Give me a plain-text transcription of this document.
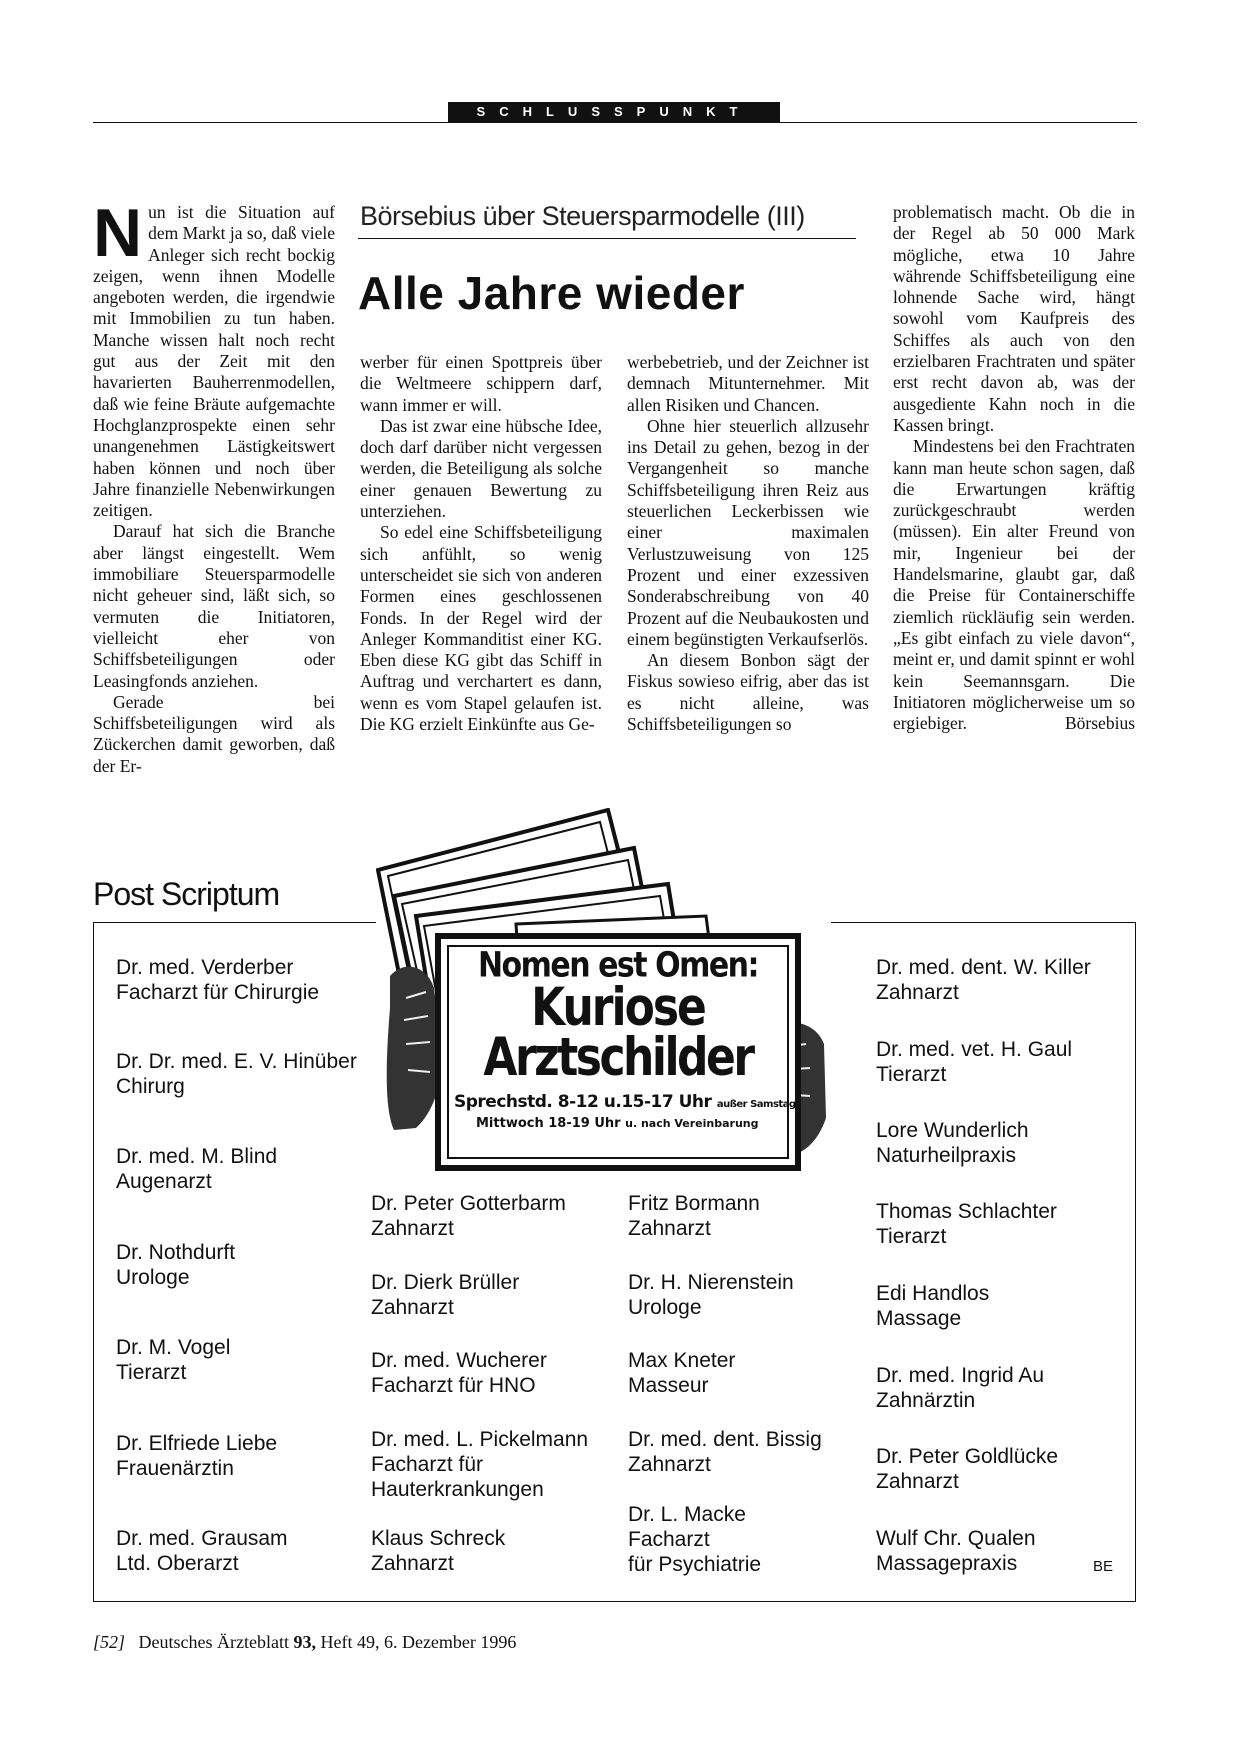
SCHLUSSPUNKT

Nun ist die Situation auf dem Markt ja so, daß viele Anleger sich recht bockig zeigen, wenn ihnen Modelle angeboten werden, die irgendwie mit Immobilien zu tun haben. Manche wissen halt noch recht gut aus der Zeit mit den havarierten Bauherrenmodellen, daß wie feine Bräute aufgemachte Hochglanzprospekte einen sehr unangenehmen Lästigkeitswert haben können und noch über Jahre finanzielle Nebenwirkungen zeitigen.

Darauf hat sich die Branche aber längst eingestellt. Wem immobiliare Steuersparmodelle nicht geheuer sind, läßt sich, so vermuten die Initiatoren, vielleicht eher von Schiffsbeteiligungen oder Leasingfonds anziehen.

Gerade bei Schiffsbeteiligungen wird als Zückerchen damit geworben, daß der Er-

Börsebius über Steuersparmodelle (III)
Alle Jahre wieder

werber für einen Spottpreis über die Weltmeere schippern darf, wann immer er will.

Das ist zwar eine hübsche Idee, doch darf darüber nicht vergessen werden, die Beteiligung als solche einer genauen Bewertung zu unterziehen.

So edel eine Schiffsbeteiligung sich anfühlt, so wenig unterscheidet sie sich von anderen Formen eines geschlossenen Fonds. In der Regel wird der Anleger Kommanditist einer KG. Eben diese KG gibt das Schiff in Auftrag und verchartert es dann, wenn es vom Stapel gelaufen ist. Die KG erzielt Einkünfte aus Ge-

werbebetrieb, und der Zeichner ist demnach Mitunternehmer. Mit allen Risiken und Chancen.

Ohne hier steuerlich allzusehr ins Detail zu gehen, bezog in der Vergangenheit so manche Schiffsbeteiligung ihren Reiz aus steuerlichen Leckerbissen wie einer maximalen Verlustzuweisung von 125 Prozent und einer exzessiven Sonderabschreibung von 40 Prozent auf die Neubaukosten und einem begünstigten Verkaufserlös.

An diesem Bonbon sägt der Fiskus sowieso eifrig, aber das ist es nicht alleine, was Schiffsbeteiligungen so

problematisch macht. Ob die in der Regel ab 50 000 Mark mögliche, etwa 10 Jahre währende Schiffsbeteiligung eine lohnende Sache wird, hängt sowohl vom Kaufpreis des Schiffes als auch von den erzielbaren Frachtraten und später erst recht davon ab, was der ausgediente Kahn noch in die Kassen bringt.

Mindestens bei den Frachtraten kann man heute schon sagen, daß die Erwartungen kräftig zurückgeschraubt werden (müssen). Ein alter Freund von mir, Ingenieur bei der Handelsmarine, glaubt gar, daß die Preise für Containerschiffe ziemlich rückläufig sein werden. „Es gibt einfach zu viele davon“, meint er, und damit spinnt er wohl kein Seemannsgarn. Die Initiatoren möglicherweise um so ergiebiger.	Börsebius

Post Scriptum
Nomen est Omen:
Kuriose
Arztschilder
Sprechstd. 8-12 u.15-17 Uhr außer Samstag
Mittwoch 18-19 Uhr u. nach Vereinbarung
Dr. med. Verderber
Facharzt für Chirurgie
Dr. Dr. med. E. V. Hinüber
Chirurg
Dr. med. M. Blind
Augenarzt
Dr. Nothdurft
Urologe
Dr. M. Vogel
Tierarzt
Dr. Elfriede Liebe
Frauenärztin
Dr. med. Grausam
Ltd. Oberarzt
Dr. Peter Gotterbarm
Zahnarzt
Dr. Dierk Brüller
Zahnarzt
Dr. med. Wucherer
Facharzt für HNO
Dr. med. L. Pickelmann
Facharzt für
Hauterkrankungen
Klaus Schreck
Zahnarzt
Fritz Bormann
Zahnarzt
Dr. H. Nierenstein
Urologe
Max Kneter
Masseur
Dr. med. dent. Bissig
Zahnarzt
Dr. L. Macke
Facharzt
für Psychiatrie
Dr. med. dent. W. Killer
Zahnarzt
Dr. med. vet. H. Gaul
Tierarzt
Lore Wunderlich
Naturheilpraxis
Thomas Schlachter
Tierarzt
Edi Handlos
Massage
Dr. med. Ingrid Au
Zahnärztin
Dr. Peter Goldlücke
Zahnarzt
Wulf Chr. Qualen
Massagepraxis	BE
[52] Deutsches Ärzteblatt 93, Heft 49, 6. Dezember 1996
